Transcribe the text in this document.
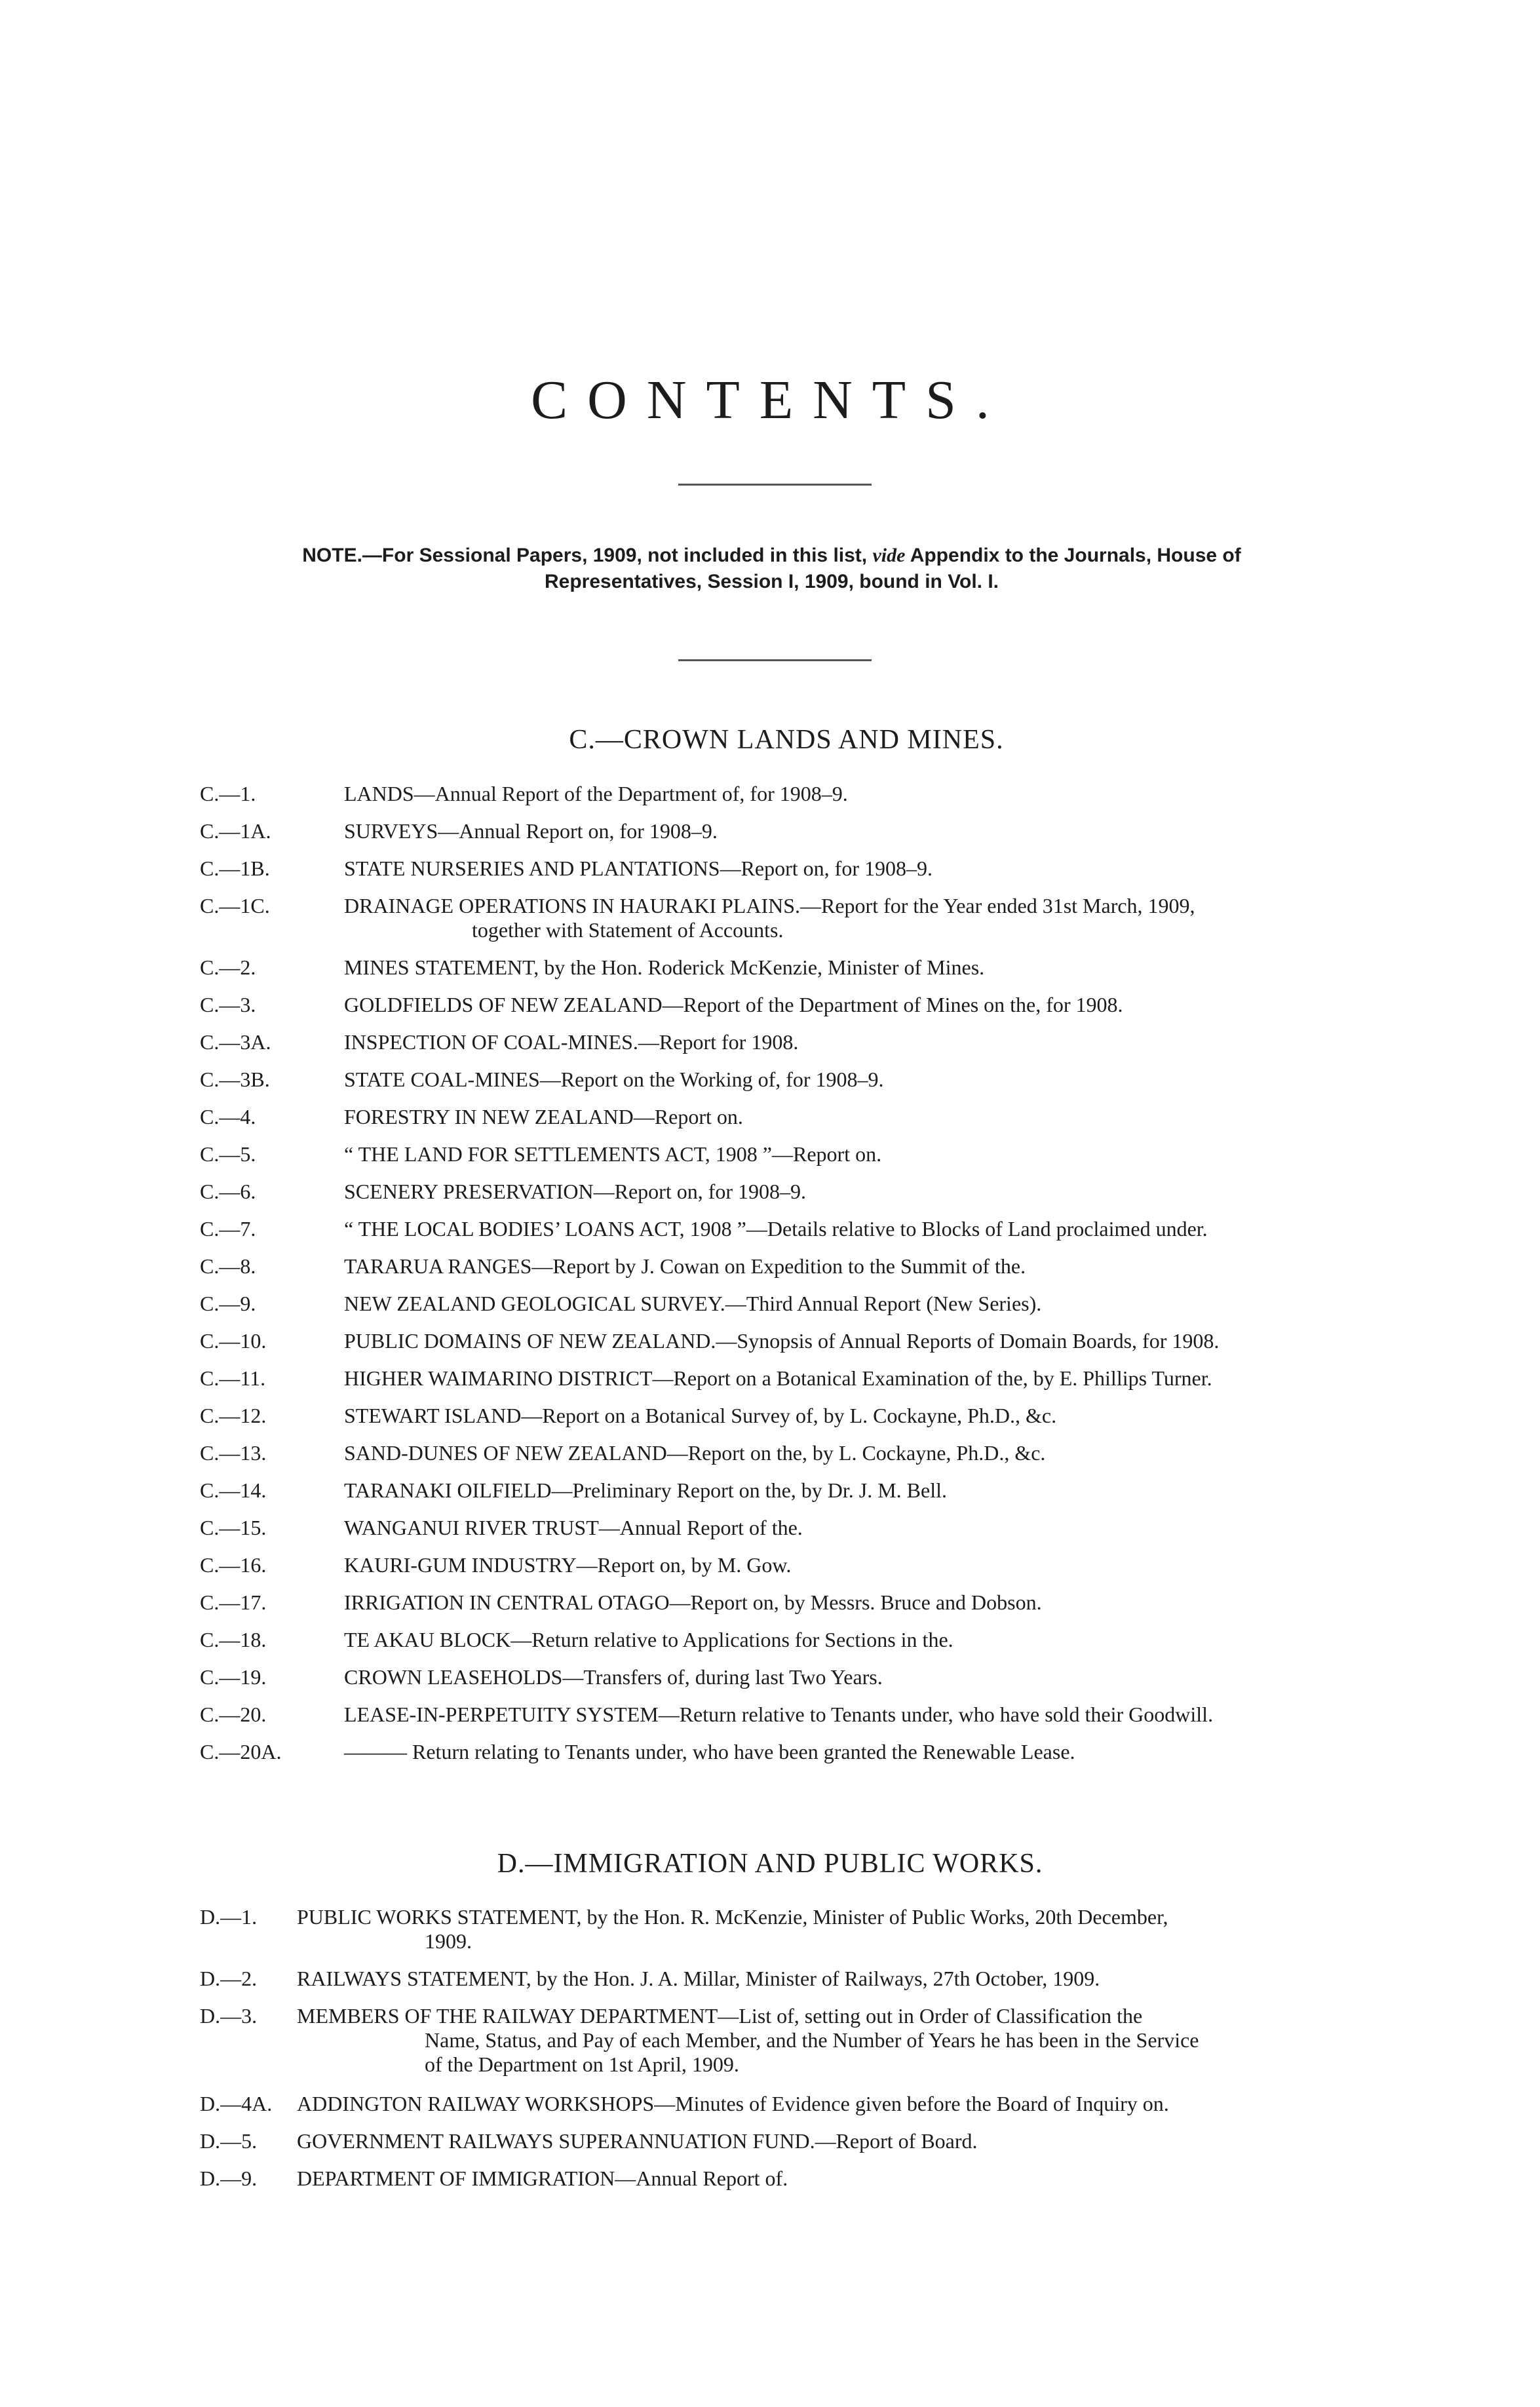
CONTENTS.
NOTE.—For Sessional Papers, 1909, not included in this list, vide Appendix to the Journals, House of
Representatives, Session I, 1909, bound in Vol. I.
C.—CROWN LANDS AND MINES.
C.—1.	LANDS—Annual Report of the Department of, for 1908–9.
C.—1A.	SURVEYS—Annual Report on, for 1908–9.
C.—1B.	STATE NURSERIES AND PLANTATIONS—Report on, for 1908–9.
C.—1C.	DRAINAGE OPERATIONS IN HAURAKI PLAINS.—Report for the Year ended 31st March, 1909,
together with Statement of Accounts.
C.—2.	MINES STATEMENT, by the Hon. Roderick McKenzie, Minister of Mines.
C.—3.	GOLDFIELDS OF NEW ZEALAND—Report of the Department of Mines on the, for 1908.
C.—3A.	INSPECTION OF COAL-MINES.—Report for 1908.
C.—3B.	STATE COAL-MINES—Report on the Working of, for 1908–9.
C.—4.	FORESTRY IN NEW ZEALAND—Report on.
C.—5.	“ THE LAND FOR SETTLEMENTS ACT, 1908 ”—Report on.
C.—6.	SCENERY PRESERVATION—Report on, for 1908–9.
C.—7.	“ THE LOCAL BODIES’ LOANS ACT, 1908 ”—Details relative to Blocks of Land proclaimed under.
C.—8.	TARARUA RANGES—Report by J. Cowan on Expedition to the Summit of the.
C.—9.	NEW ZEALAND GEOLOGICAL SURVEY.—Third Annual Report (New Series).
C.—10.	PUBLIC DOMAINS OF NEW ZEALAND.—Synopsis of Annual Reports of Domain Boards, for 1908.
C.—11.	HIGHER WAIMARINO DISTRICT—Report on a Botanical Examination of the, by E. Phillips Turner.
C.—12.	STEWART ISLAND—Report on a Botanical Survey of, by L. Cockayne, Ph.D., &c.
C.—13.	SAND-DUNES OF NEW ZEALAND—Report on the, by L. Cockayne, Ph.D., &c.
C.—14.	TARANAKI OILFIELD—Preliminary Report on the, by Dr. J. M. Bell.
C.—15.	WANGANUI RIVER TRUST—Annual Report of the.
C.—16.	KAURI-GUM INDUSTRY—Report on, by M. Gow.
C.—17.	IRRIGATION IN CENTRAL OTAGO—Report on, by Messrs. Bruce and Dobson.
C.—18.	TE AKAU BLOCK—Return relative to Applications for Sections in the.
C.—19.	CROWN LEASEHOLDS—Transfers of, during last Two Years.
C.—20.	LEASE-IN-PERPETUITY SYSTEM—Return relative to Tenants under, who have sold their Goodwill.
C.—20A.	——— Return relating to Tenants under, who have been granted the Renewable Lease.
D.—IMMIGRATION AND PUBLIC WORKS.
D.—1. PUBLIC WORKS STATEMENT, by the Hon. R. McKenzie, Minister of Public Works, 20th December,
1909.
D.—2. RAILWAYS STATEMENT, by the Hon. J. A. Millar, Minister of Railways, 27th October, 1909.
D.—3. MEMBERS OF THE RAILWAY DEPARTMENT—List of, setting out in Order of Classification the
Name, Status, and Pay of each Member, and the Number of Years he has been in the Service
of the Department on 1st April, 1909.
D.—4A. ADDINGTON RAILWAY WORKSHOPS—Minutes of Evidence given before the Board of Inquiry on.
D.—5. GOVERNMENT RAILWAYS SUPERANNUATION FUND.—Report of Board.
D.—9. DEPARTMENT OF IMMIGRATION—Annual Report of.
